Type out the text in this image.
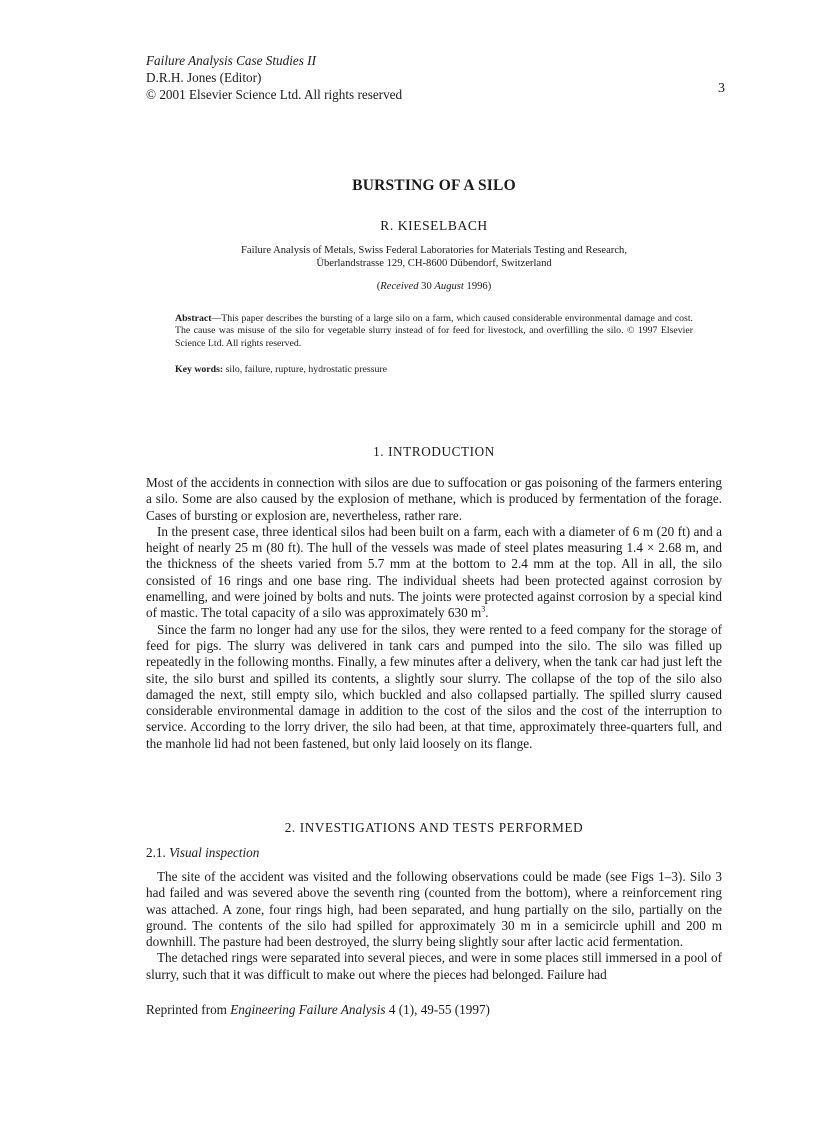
Failure Analysis Case Studies II
D.R.H. Jones (Editor)
© 2001 Elsevier Science Ltd. All rights reserved	3
BURSTING OF A SILO
R. KIESELBACH
Failure Analysis of Metals, Swiss Federal Laboratories for Materials Testing and Research,
Überlandstrasse 129, CH-8600 Dübendorf, Switzerland
(Received 30 August 1996)
Abstract—This paper describes the bursting of a large silo on a farm, which caused considerable environmental damage and cost. The cause was misuse of the silo for vegetable slurry instead of for feed for livestock, and overfilling the silo. © 1997 Elsevier Science Ltd. All rights reserved.
Key words: silo, failure, rupture, hydrostatic pressure
1. INTRODUCTION

Most of the accidents in connection with silos are due to suffocation or gas poisoning of the farmers entering a silo. Some are also caused by the explosion of methane, which is produced by fermentation of the forage. Cases of bursting or explosion are, nevertheless, rather rare.

In the present case, three identical silos had been built on a farm, each with a diameter of 6 m (20 ft) and a height of nearly 25 m (80 ft). The hull of the vessels was made of steel plates measuring 1.4 × 2.68 m, and the thickness of the sheets varied from 5.7 mm at the bottom to 2.4 mm at the top. All in all, the silo consisted of 16 rings and one base ring. The individual sheets had been protected against corrosion by enamelling, and were joined by bolts and nuts. The joints were protected against corrosion by a special kind of mastic. The total capacity of a silo was approximately 630 $m^3$.

Since the farm no longer had any use for the silos, they were rented to a feed company for the storage of feed for pigs. The slurry was delivered in tank cars and pumped into the silo. The silo was filled up repeatedly in the following months. Finally, a few minutes after a delivery, when the tank car had just left the site, the silo burst and spilled its contents, a slightly sour slurry. The collapse of the top of the silo also damaged the next, still empty silo, which buckled and also collapsed partially. The spilled slurry caused considerable environmental damage in addition to the cost of the silos and the cost of the interruption to service. According to the lorry driver, the silo had been, at that time, approximately three-quarters full, and the manhole lid had not been fastened, but only laid loosely on its flange.

2. INVESTIGATIONS AND TESTS PERFORMED
2.1. Visual inspection

The site of the accident was visited and the following observations could be made (see Figs 1–3). Silo 3 had failed and was severed above the seventh ring (counted from the bottom), where a reinforcement ring was attached. A zone, four rings high, had been separated, and hung partially on the silo, partially on the ground. The contents of the silo had spilled for approximately 30 m in a semicircle uphill and 200 m downhill. The pasture had been destroyed, the slurry being slightly sour after lactic acid fermentation.

The detached rings were separated into several pieces, and were in some places still immersed in a pool of slurry, such that it was difficult to make out where the pieces had belonged. Failure had

Reprinted from Engineering Failure Analysis 4 (1), 49-55 (1997)
